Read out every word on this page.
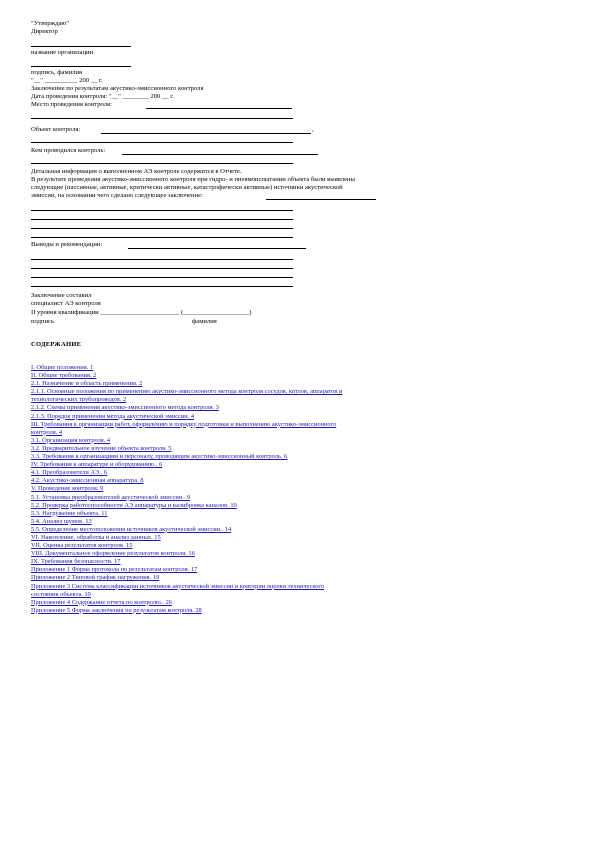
"Утверждаю"
Директор
название организации
подпись, фамилия
"__" __________ 200 __ г.
Заключение по результатам акустико-эмиссионного контроля
Дата проведения контроля: "__" ________ 200 __ г.
Место проведения контроля:
Объект контроля:	,
Кем проводился контроль:
Детальная информация о выполненном АЭ контроле содержится в Отчете.
В результате проведения акустико-эмиссионного контроля при гидро- и пневмоиспытании объекта были выявлены
следующие (пассивные, активные, критически активные, катастрофически активные) источники акустической
эмиссии, на основании чего сделано следующее заключение:
Выводы и рекомендации:
Заключение составил
специалист АЭ контроля
II уровня квалификации ________________________ (____________________)
подпись	фамилия
СОДЕРЖАНИЕ
I. Общие положения. 1
II. Общие требования. 2
2.1. Назначение и область применения. 2
2.1.1. Основные положения по применению акустико-эмиссионного метода контроля сосудов, котлов, аппаратов и
технологических трубопроводов. 2
2.1.2. Схемы применения акустико-эмиссионного метода контроля. 3
2.1.3. Порядок применения метода акустической эмиссии. 4
III. Требования к организации работ, оформлению и порядку подготовки и выполнению акустико-эмиссионного
контроля. 4
3.1. Организация контроля. 4
3.2. Предварительное изучение объекта контроля. 5
3.3. Требования к организациям и персоналу, проводящим акустико-эмиссионный контроль. 6
IV. Требования к аппаратуре и оборудованию.. 6
4.1. Преобразователи АЭ.. 6
4.2. Акустико-эмиссионная аппаратура. 8
V. Проведение контроля. 9
5.1. Установка преобразователей акустической эмиссии.. 9
5.2. Проверка работоспособности АЭ аппаратуры и калибровка каналов. 10
5.3. Нагружение объекта. 11
5.4. Анализ шумов. 13
5.5. Определение местоположения источников акустической эмиссии.. 14
VI. Накопление, обработка и анализ данных. 15
VII. Оценка результатов контроля. 15
VIII. Документальное оформление результатов контроля. 16
IX. Требования безопасности. 17
Приложение 1 Форма протокола по результатам контроля. 17
Приложение 2 Типовой график нагружения. 19
Приложение 3 Система классификации источников акустической эмиссии и критерии оценки технического
состояния объекта. 19
Приложение 4 Содержание отчета по контролю.. 26
Приложение 5 Форма заключения по результатам контроля. 28
